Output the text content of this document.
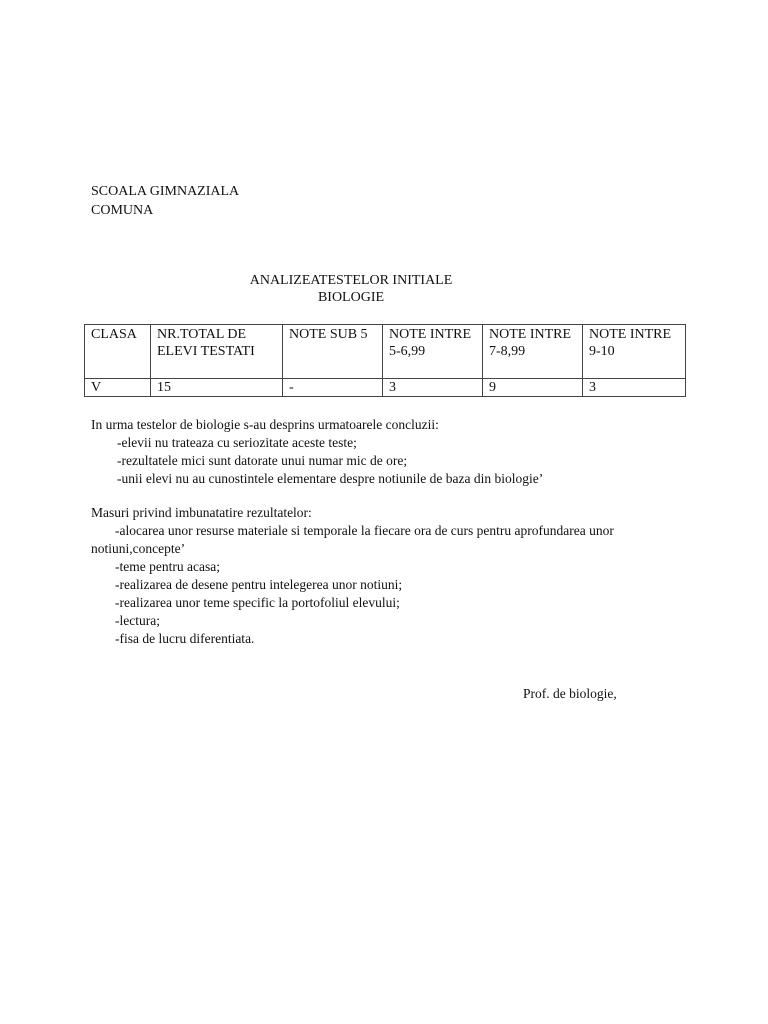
SCOALA GIMNAZIALA
COMUNA
ANALIZEATESTELOR INITIALE
BIOLOGIE
CLASA	NR.TOTAL DE ELEVI TESTATI	NOTE SUB 5	NOTE INTRE 5-6,99	NOTE INTRE 7-8,99	NOTE INTRE 9-10
V	15	-	3	9	3
In urma testelor de biologie s-au desprins urmatoarele concluzii:
-elevii nu trateaza cu seriozitate aceste teste;
-rezultatele mici sunt datorate unui numar mic de ore;
-unii elevi nu au cunostintele elementare despre notiunile de baza din biologie’
Masuri privind imbunatatire rezultatelor:
-alocarea unor resurse materiale si temporale la fiecare ora de curs pentru aprofundarea unor
notiuni,concepte’
-teme pentru acasa;
-realizarea de desene pentru intelegerea unor notiuni;
-realizarea unor teme specific la portofoliul elevului;
-lectura;
-fisa de lucru diferentiata.
Prof. de biologie,
